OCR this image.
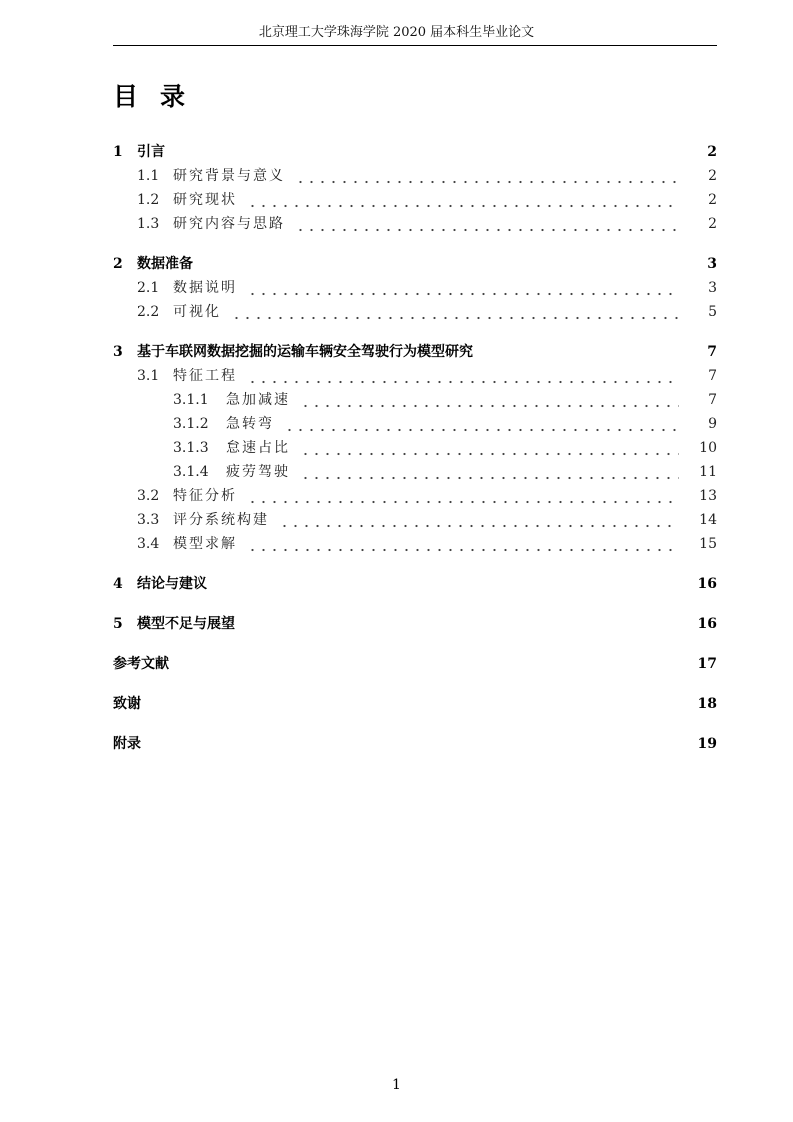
北京理工大学珠海学院 2020 届本科生毕业论文
目录
1	引言	2
1.1 研究背景与意义	2
1.2 研究现状	2
1.3 研究内容与思路	2
2	数据准备	3
2.1 数据说明	3
2.2 可视化	5
3	基于车联网数据挖掘的运输车辆安全驾驶行为模型研究	7
3.1 特征工程	7
3.1.1	急加减速	7
3.1.2	急转弯	9
3.1.3	怠速占比	10
3.1.4	疲劳驾驶	11
3.2 特征分析	13
3.3 评分系统构建	14
3.4 模型求解	15
4	结论与建议	16
5	模型不足与展望	16
参考文献	17
致谢	18
附录	19
1
